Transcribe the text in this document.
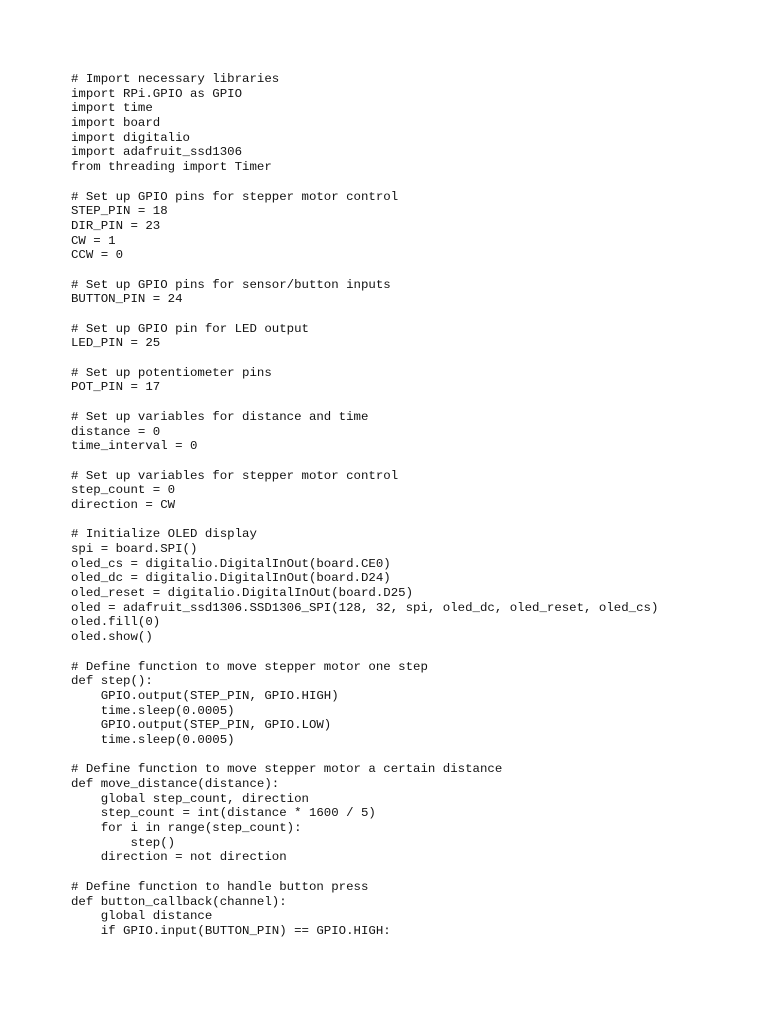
# Import necessary libraries
import RPi.GPIO as GPIO
import time
import board
import digitalio
import adafruit_ssd1306
from threading import Timer
# Set up GPIO pins for stepper motor control
STEP_PIN = 18
DIR_PIN = 23
CW = 1
CCW = 0
# Set up GPIO pins for sensor/button inputs
BUTTON_PIN = 24
# Set up GPIO pin for LED output
LED_PIN = 25
# Set up potentiometer pins
POT_PIN = 17
# Set up variables for distance and time
distance = 0
time_interval = 0
# Set up variables for stepper motor control
step_count = 0
direction = CW
# Initialize OLED display
spi = board.SPI()
oled_cs = digitalio.DigitalInOut(board.CE0)
oled_dc = digitalio.DigitalInOut(board.D24)
oled_reset = digitalio.DigitalInOut(board.D25)
oled = adafruit_ssd1306.SSD1306_SPI(128, 32, spi, oled_dc, oled_reset, oled_cs)
oled.fill(0)
oled.show()
# Define function to move stepper motor one step
def step():
GPIO.output(STEP_PIN, GPIO.HIGH)
time.sleep(0.0005)
GPIO.output(STEP_PIN, GPIO.LOW)
time.sleep(0.0005)
# Define function to move stepper motor a certain distance
def move_distance(distance):
global step_count, direction
step_count = int(distance * 1600 / 5)
for i in range(step_count):
step()
direction = not direction
# Define function to handle button press
def button_callback(channel):
global distance
if GPIO.input(BUTTON_PIN) == GPIO.HIGH:
